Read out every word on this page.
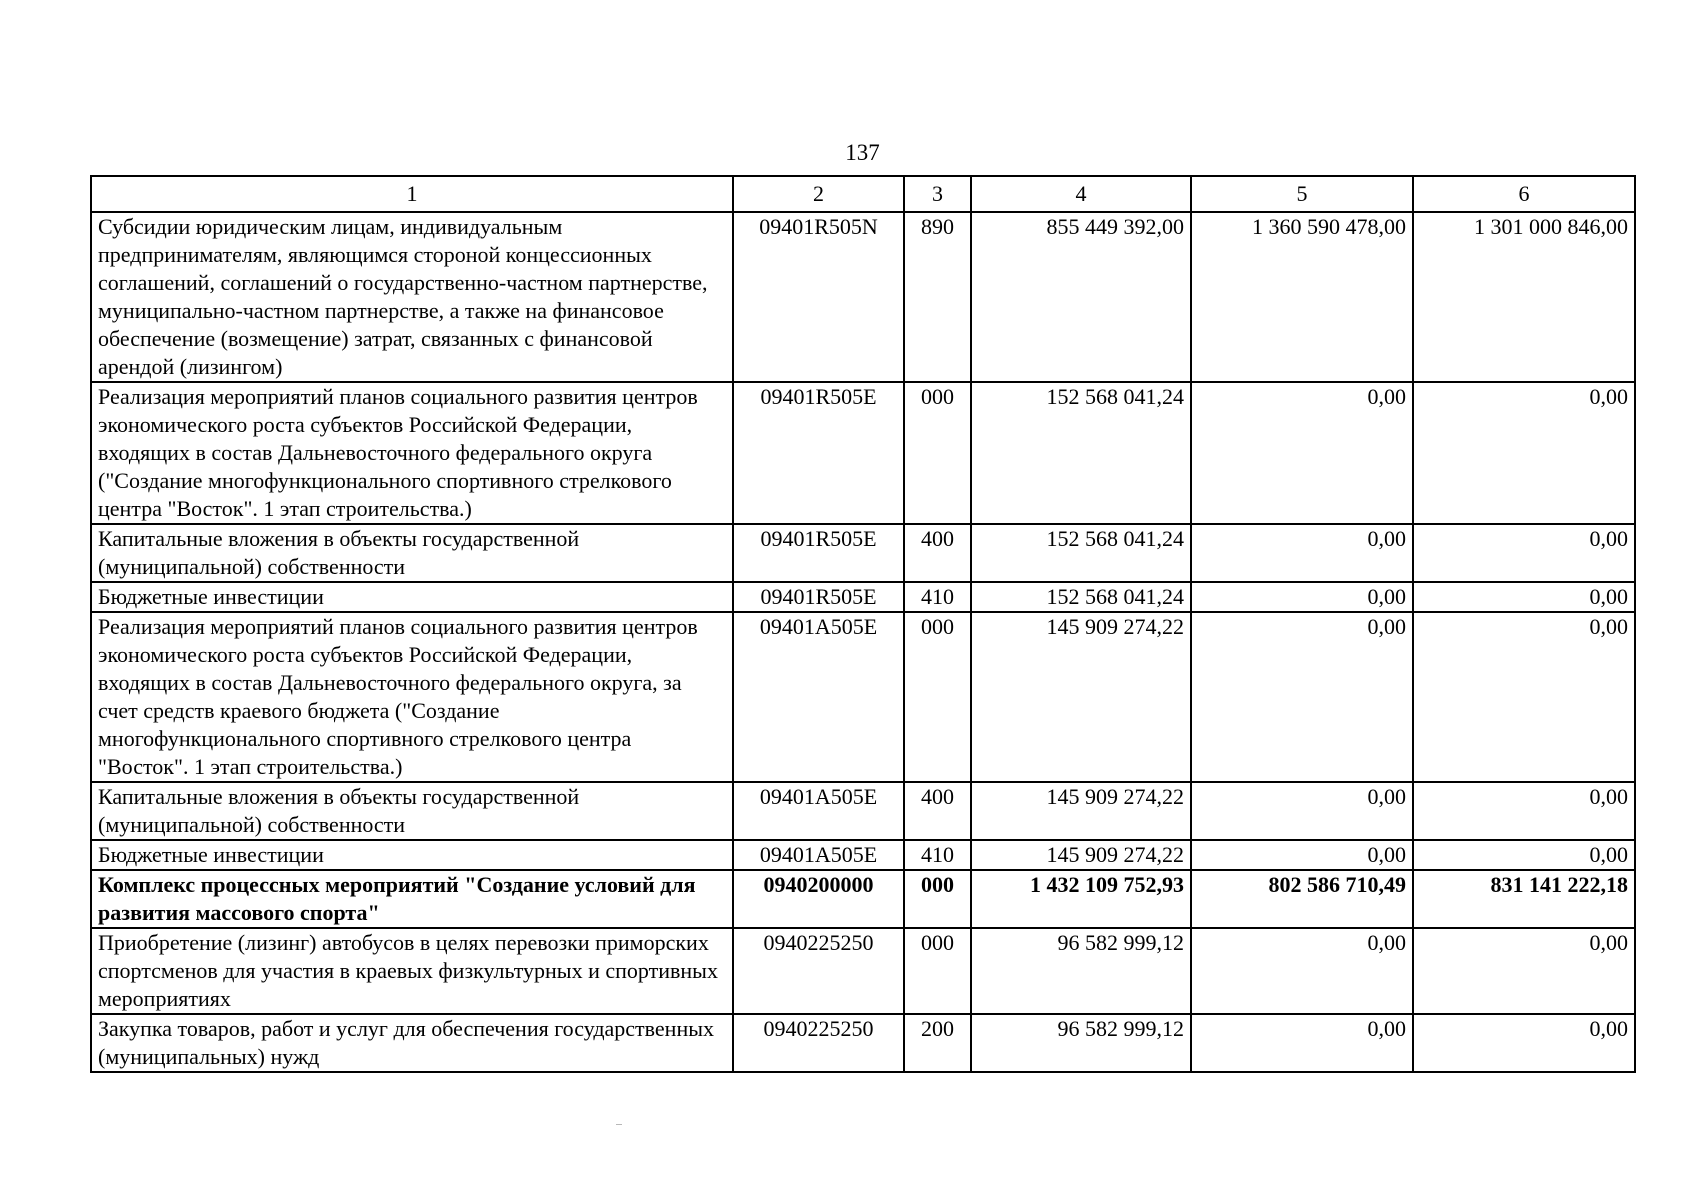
137
1	2	3	4	5	6
Субсидии юридическим лицам, индивидуальным предпринимателям, являющимся стороной концессионных соглашений, соглашений о государственно-частном партнерстве, муниципально-частном партнерстве, а также на финансовое обеспечение (возмещение) затрат, связанных с финансовой арендой (лизингом)	09401R505N	890	855 449 392,00	1 360 590 478,00	1 301 000 846,00
Реализация мероприятий планов социального развития центров экономического роста субъектов Российской Федерации, входящих в состав Дальневосточного федерального округа ("Создание многофункционального спортивного стрелкового центра "Восток". 1 этап строительства.)	09401R505E	000	152 568 041,24	0,00	0,00
Капитальные вложения в объекты государственной (муниципальной) собственности	09401R505E	400	152 568 041,24	0,00	0,00
Бюджетные инвестиции	09401R505E	410	152 568 041,24	0,00	0,00
Реализация мероприятий планов социального развития центров экономического роста субъектов Российской Федерации, входящих в состав Дальневосточного федерального округа, за счет средств краевого бюджета ("Создание многофункционального спортивного стрелкового центра "Восток". 1 этап строительства.)	09401A505E	000	145 909 274,22	0,00	0,00
Капитальные вложения в объекты государственной (муниципальной) собственности	09401A505E	400	145 909 274,22	0,00	0,00
Бюджетные инвестиции	09401A505E	410	145 909 274,22	0,00	0,00
Комплекс процессных мероприятий "Создание условий для развития массового спорта"	0940200000	000	1 432 109 752,93	802 586 710,49	831 141 222,18
Приобретение (лизинг) автобусов в целях перевозки приморских спортсменов для участия в краевых физкультурных и спортивных мероприятиях	0940225250	000	96 582 999,12	0,00	0,00
Закупка товаров, работ и услуг для обеспечения государственных (муниципальных) нужд	0940225250	200	96 582 999,12	0,00	0,00
